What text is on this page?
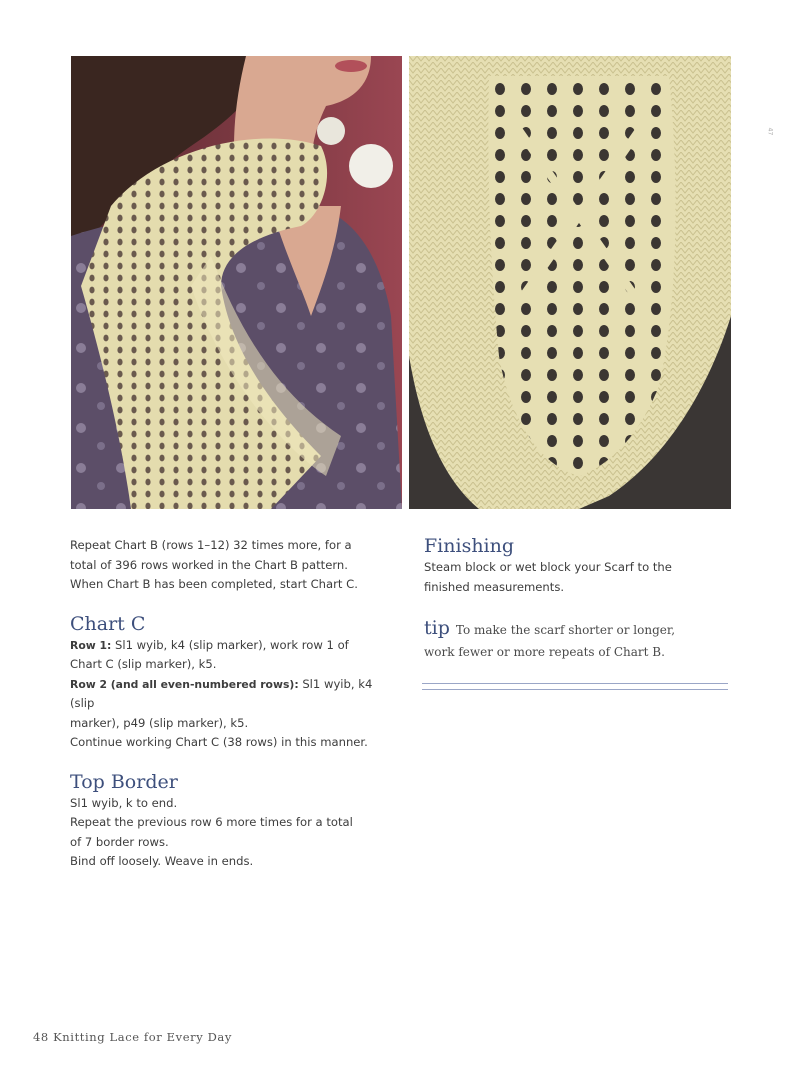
47

Repeat Chart B (rows 1–12) 32 times more, for a

total of 396 rows worked in the Chart B pattern.

When Chart B has been completed, start Chart C.

Chart C

Row 1: Sl1 wyib, k4 (slip marker), work row 1 of

Chart C (slip marker), k5.

Row 2 (and all even-numbered rows): Sl1 wyib, k4 (slip

marker), p49 (slip marker), k5.

Continue working Chart C (38 rows) in this manner.

Top Border

Sl1 wyib, k to end.

Repeat the previous row 6 more times for a total

of 7 border rows.

Bind off loosely. Weave in ends.

Finishing

Steam block or wet block your Scarf to the

finished measurements.

tip To make the scarf shorter or longer,

work fewer or more repeats of Chart B.

48 Knitting Lace for Every Day
